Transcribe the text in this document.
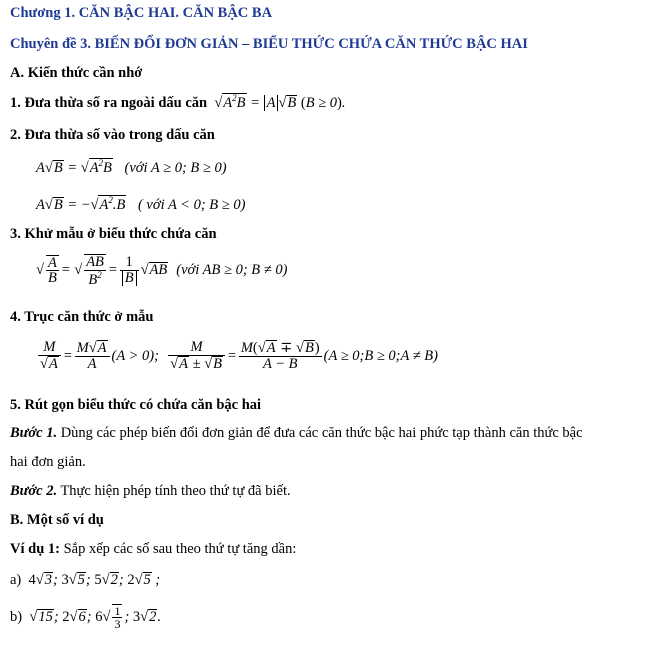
Chương 1. CĂN BẬC HAI. CĂN BẬC BA
Chuyên đề 3. BIẾN ĐỔI ĐƠN GIẢN – BIỂU THỨC CHỨA CĂN THỨC BẬC HAI
A. Kiến thức cần nhớ
1. Đưa thừa số ra ngoài dấu căn  $√A^2B = A$ √B (B ≥ 0).
2. Đưa thừa số vào trong dấu căn
$A√B = √A^2B$ (với A ≥ 0; B ≥ 0)
$A√B = -√A^2.B$ ( với A < 0; B ≥ 0)
3. Khử mẫu ở biểu thức chứa căn
√ $\frac{A}{B}$ = √ $\frac{AB}{B^2} = \frac{1}{B}$ √ AB (với AB ≥ 0; B ≠ 0)
4. Trục căn thức ở mẫu
$\frac{M}{√A} = \frac{M√A}{A} (A > 0)$;
$\frac{M}{√A \pm √B} = \frac{M(√A \mp √B)}{A - B} (A$ ≥ 0;B ≥ 0;A ≠ B)
5. Rút gọn biểu thức có chứa căn bậc hai
Bước 1. Dùng các phép biến đổi đơn giản để đưa các căn thức bậc hai phức tạp thành căn thức bậc
hai đơn giản.
Bước 2. Thực hiện phép tính theo thứ tự đã biết.
B. Một số ví dụ
Ví dụ 1: Sắp xếp các số sau theo thứ tự tăng dần:
a) 4√3; 3√5; 5√2; 2√5 ;
b)  √ 15 ; 2 √ 6 ; 6 √ $\frac{1}{3}$ ; 3 √ 2 .
